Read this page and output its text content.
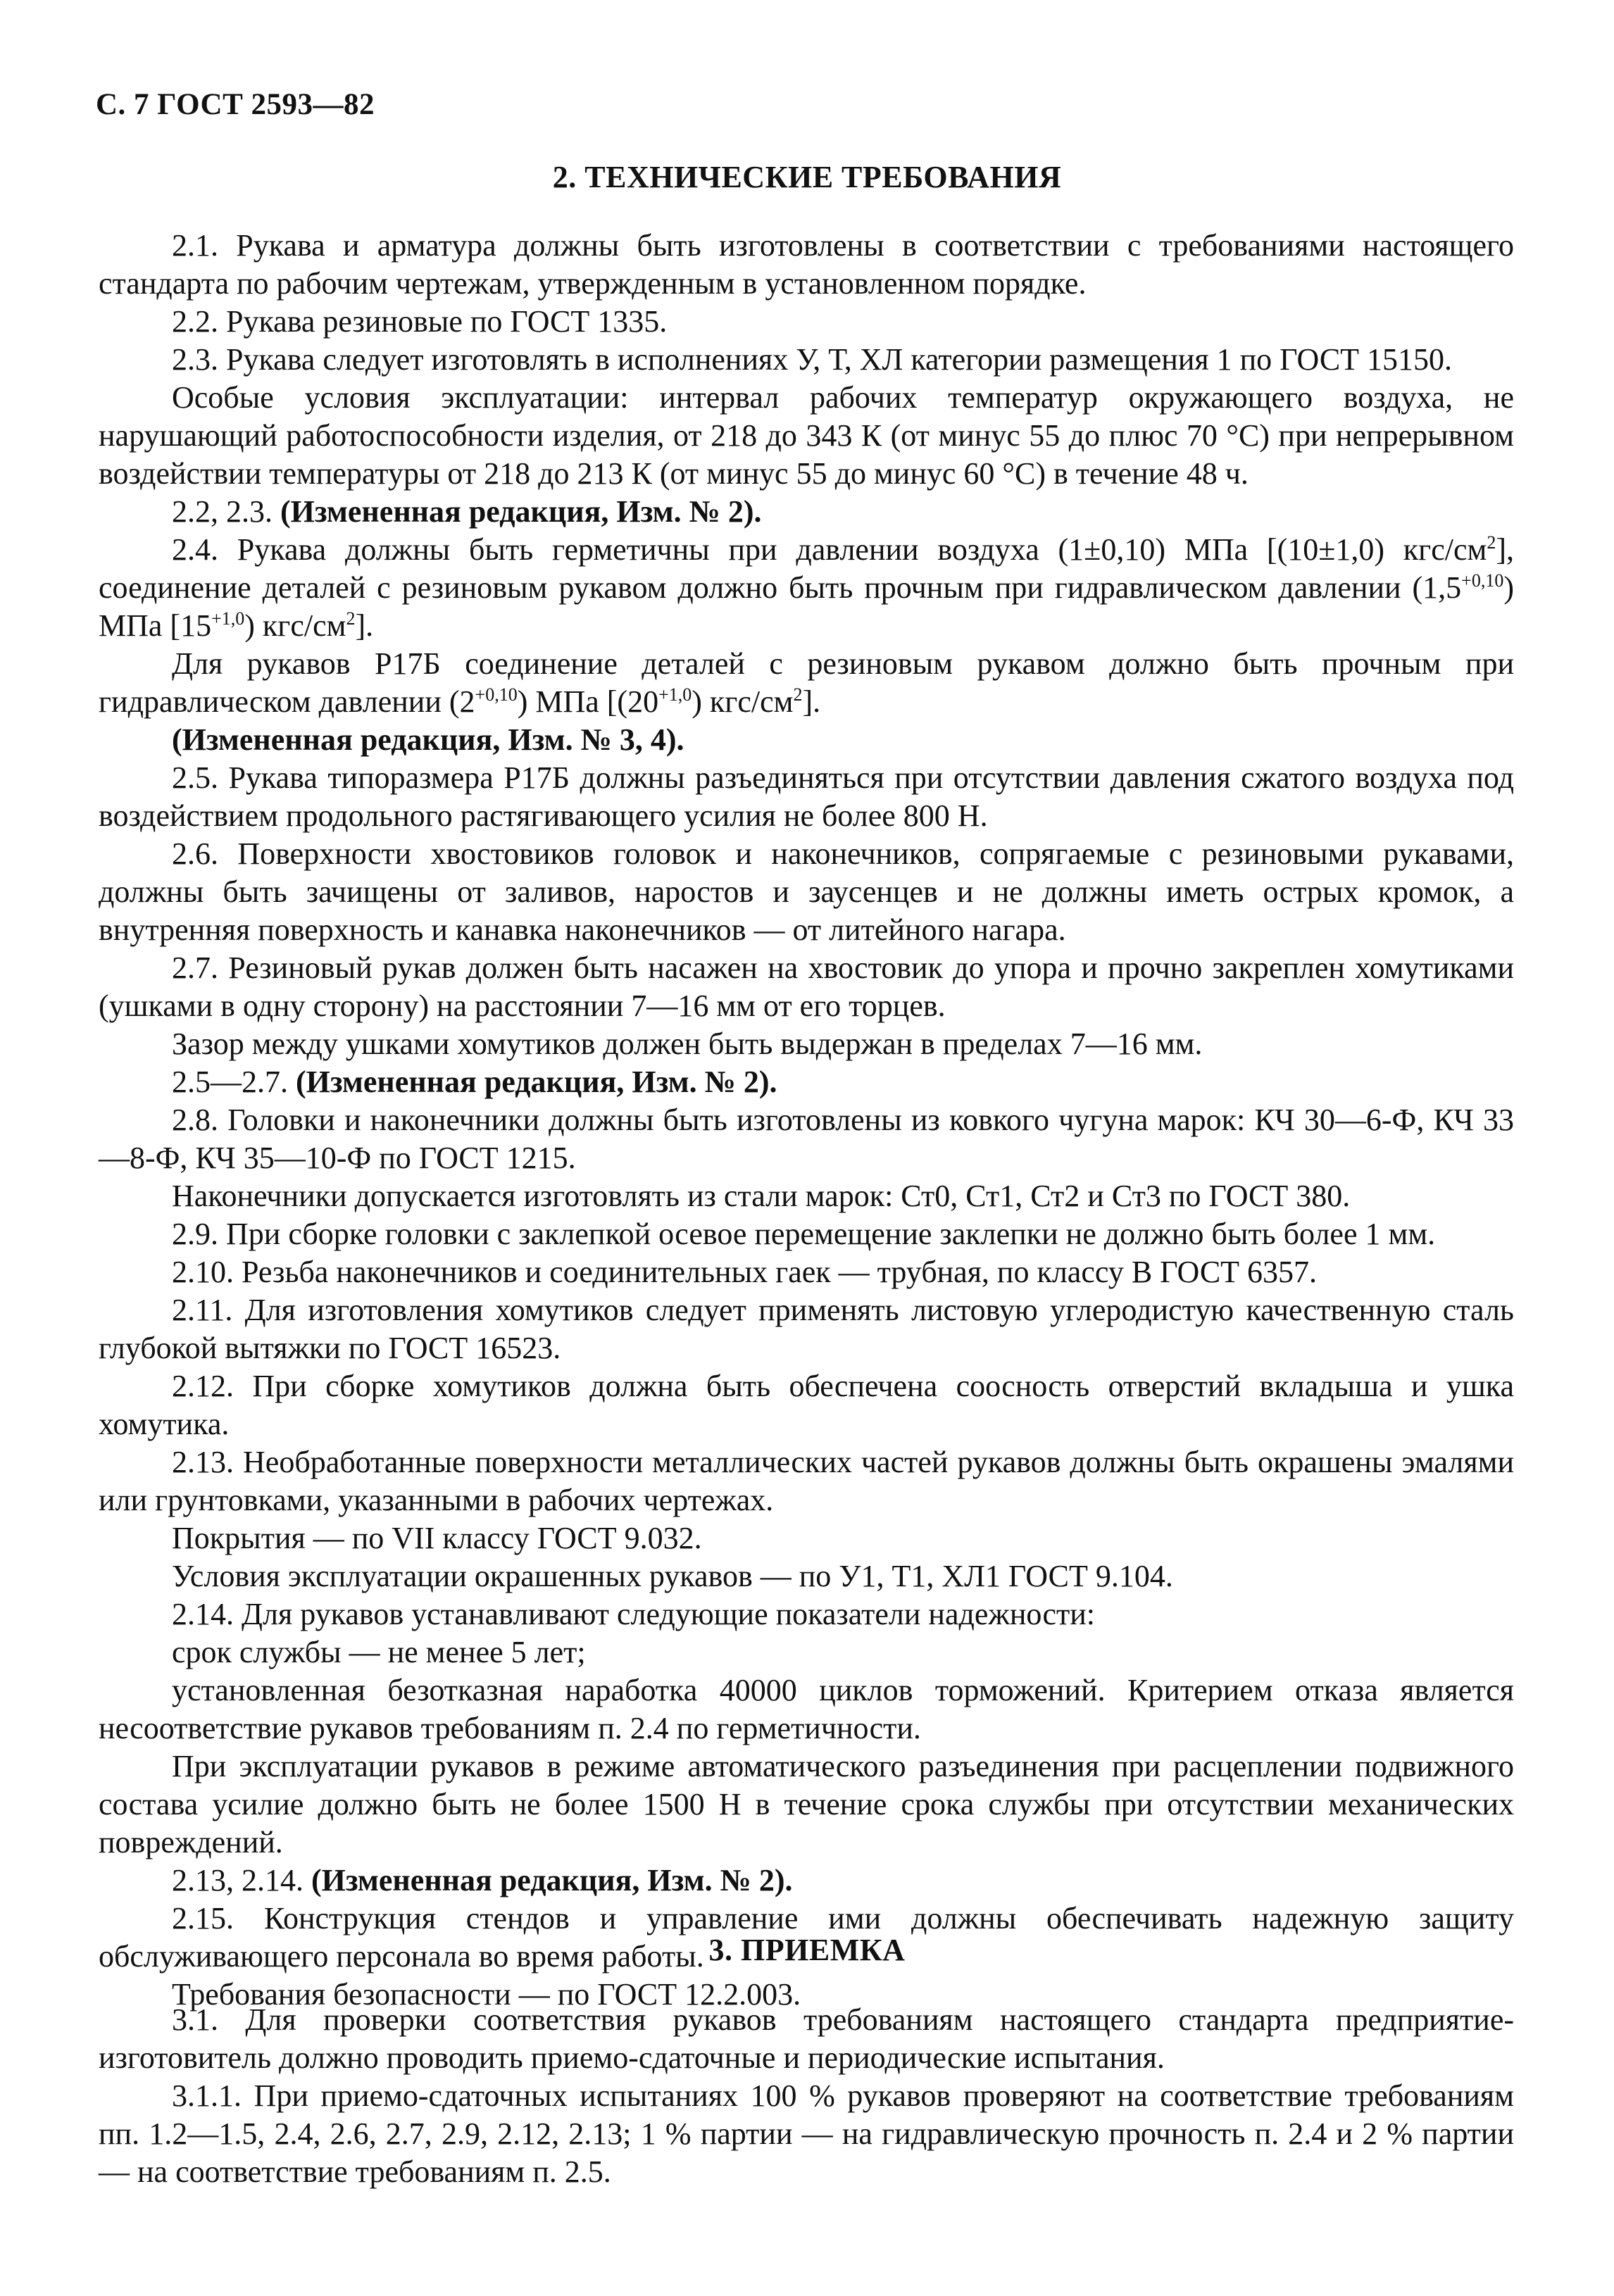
С. 7 ГОСТ 2593—82
2. ТЕХНИЧЕСКИЕ ТРЕБОВАНИЯ

2.1. Рукава и арматура должны быть изготовлены в соответствии с требованиями настоящего стандарта по рабочим чертежам, утвержденным в установленном порядке.

2.2. Рукава резиновые по ГОСТ 1335.

2.3. Рукава следует изготовлять в исполнениях У, Т, ХЛ категории размещения 1 по ГОСТ 15150.

Особые условия эксплуатации: интервал рабочих температур окружающего воздуха, не нарушающий работоспособности изделия, от 218 до 343 К (от минус 55 до плюс 70 °С) при непрерывном воздействии температуры от 218 до 213 К (от минус 55 до минус 60 °С) в течение 48 ч.

2.2, 2.3. (Измененная редакция, Изм. № 2).

2.4. Рукава должны быть герметичны при давлении воздуха (1±0,10) МПа [(10±1,0) кгс/$см^2$], соединение деталей с резиновым рукавом должно быть прочным при гидравлическом давлении $(1,5^{+0,10})$ МПа $[15^{+1,0})$ кгс/$см^2$].

Для рукавов Р17Б соединение деталей с резиновым рукавом должно быть прочным при гидравлическом давлении $(2^{+0,10})$ МПа [$(20^{+1,0})$ кгс/$см^2$].

(Измененная редакция, Изм. № 3, 4).

2.5. Рукава типоразмера Р17Б должны разъединяться при отсутствии давления сжатого воздуха под воздействием продольного растягивающего усилия не более 800 Н.

2.6. Поверхности хвостовиков головок и наконечников, сопрягаемые с резиновыми рукавами, должны быть зачищены от заливов, наростов и заусенцев и не должны иметь острых кромок, а внутренняя поверхность и канавка наконечников — от литейного нагара.

2.7. Резиновый рукав должен быть насажен на хвостовик до упора и прочно закреплен хомутиками (ушками в одну сторону) на расстоянии 7—16 мм от его торцев.

Зазор между ушками хомутиков должен быть выдержан в пределах 7—16 мм.

2.5—2.7. (Измененная редакция, Изм. № 2).

2.8. Головки и наконечники должны быть изготовлены из ковкого чугуна марок: КЧ 30—6-Ф, КЧ 33—8-Ф, КЧ 35—10-Ф по ГОСТ 1215.

Наконечники допускается изготовлять из стали марок: Ст0, Ст1, Ст2 и Ст3 по ГОСТ 380.

2.9. При сборке головки с заклепкой осевое перемещение заклепки не должно быть более 1 мм.

2.10. Резьба наконечников и соединительных гаек — трубная, по классу В ГОСТ 6357.

2.11. Для изготовления хомутиков следует применять листовую углеродистую качественную сталь глубокой вытяжки по ГОСТ 16523.

2.12. При сборке хомутиков должна быть обеспечена соосность отверстий вкладыша и ушка хомутика.

2.13. Необработанные поверхности металлических частей рукавов должны быть окрашены эмалями или грунтовками, указанными в рабочих чертежах.

Покрытия — по VII классу ГОСТ 9.032.

Условия эксплуатации окрашенных рукавов — по У1, Т1, ХЛ1 ГОСТ 9.104.

2.14. Для рукавов устанавливают следующие показатели надежности:

срок службы — не менее 5 лет;

установленная безотказная наработка 40000 циклов торможений. Критерием отказа является несоответствие рукавов требованиям п. 2.4 по герметичности.

При эксплуатации рукавов в режиме автоматического разъединения при расцеплении подвижного состава усилие должно быть не более 1500 Н в течение срока службы при отсутствии механических повреждений.

2.13, 2.14. (Измененная редакция, Изм. № 2).

2.15. Конструкция стендов и управление ими должны обеспечивать надежную защиту обслуживающего персонала во время работы.

Требования безопасности — по ГОСТ 12.2.003.

3. ПРИЕМКА

3.1. Для проверки соответствия рукавов требованиям настоящего стандарта предприятие-изготовитель должно проводить приемо-сдаточные и периодические испытания.

3.1.1. При приемо-сдаточных испытаниях 100 % рукавов проверяют на соответствие требованиям пп. 1.2—1.5, 2.4, 2.6, 2.7, 2.9, 2.12, 2.13; 1 % партии — на гидравлическую прочность п. 2.4 и 2 % партии — на соответствие требованиям п. 2.5.
